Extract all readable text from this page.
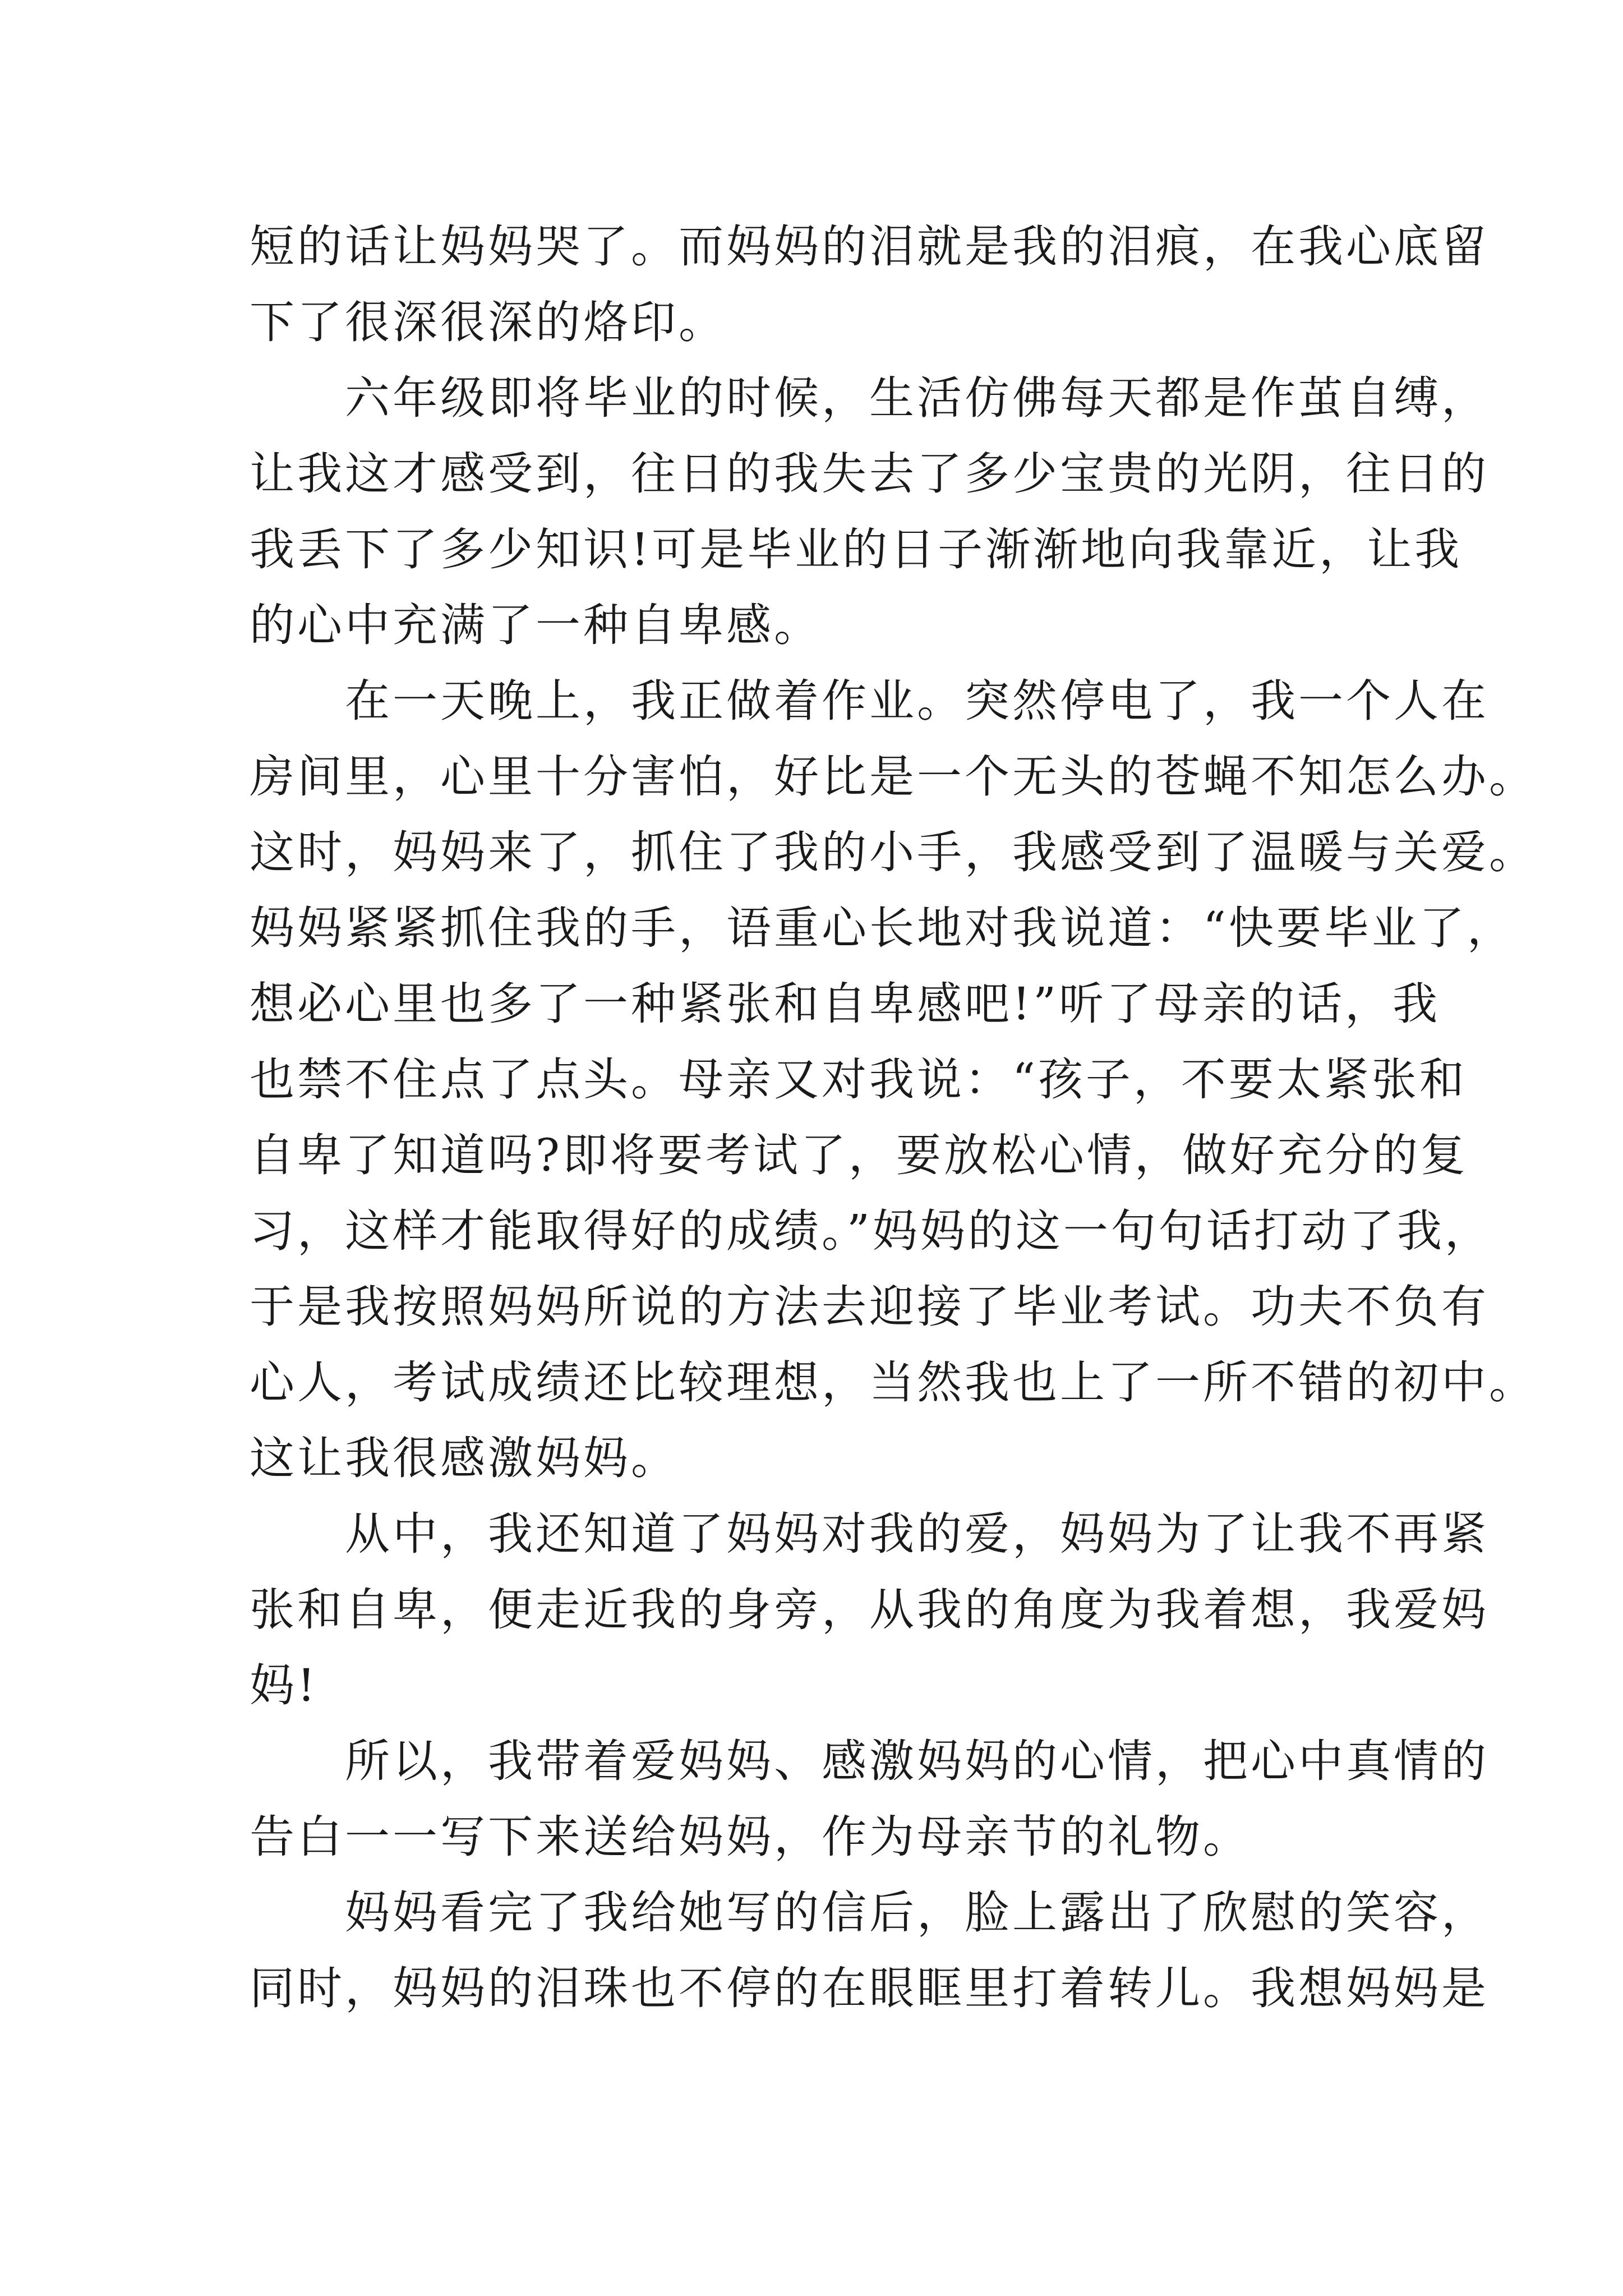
短的话让妈妈哭了。而妈妈的泪就是我的泪痕，在我心底留
下了很深很深的烙印。
六年级即将毕业的时候，生活仿佛每天都是作茧自缚，
让我这才感受到，往日的我失去了多少宝贵的光阴，往日的
我丢下了多少知识!可是毕业的日子渐渐地向我靠近，让我
的心中充满了一种自卑感。
在一天晚上，我正做着作业。突然停电了，我一个人在
房间里，心里十分害怕，好比是一个无头的苍蝇不知怎么办。
这时，妈妈来了，抓住了我的小手，我感受到了温暖与关爱。
妈妈紧紧抓住我的手，语重心长地对我说道：“快要毕业了，
想必心里也多了一种紧张和自卑感吧!”听了母亲的话，我
也禁不住点了点头。母亲又对我说：“孩子，不要太紧张和
自卑了知道吗?即将要考试了，要放松心情，做好充分的复
习，这样才能取得好的成绩。”妈妈的这一句句话打动了我，
于是我按照妈妈所说的方法去迎接了毕业考试。功夫不负有
心人，考试成绩还比较理想，当然我也上了一所不错的初中。
这让我很感激妈妈。
从中，我还知道了妈妈对我的爱，妈妈为了让我不再紧
张和自卑，便走近我的身旁，从我的角度为我着想，我爱妈
妈!
所以，我带着爱妈妈、感激妈妈的心情，把心中真情的
告白一一写下来送给妈妈，作为母亲节的礼物。
妈妈看完了我给她写的信后，脸上露出了欣慰的笑容，
同时，妈妈的泪珠也不停的在眼眶里打着转儿。我想妈妈是
